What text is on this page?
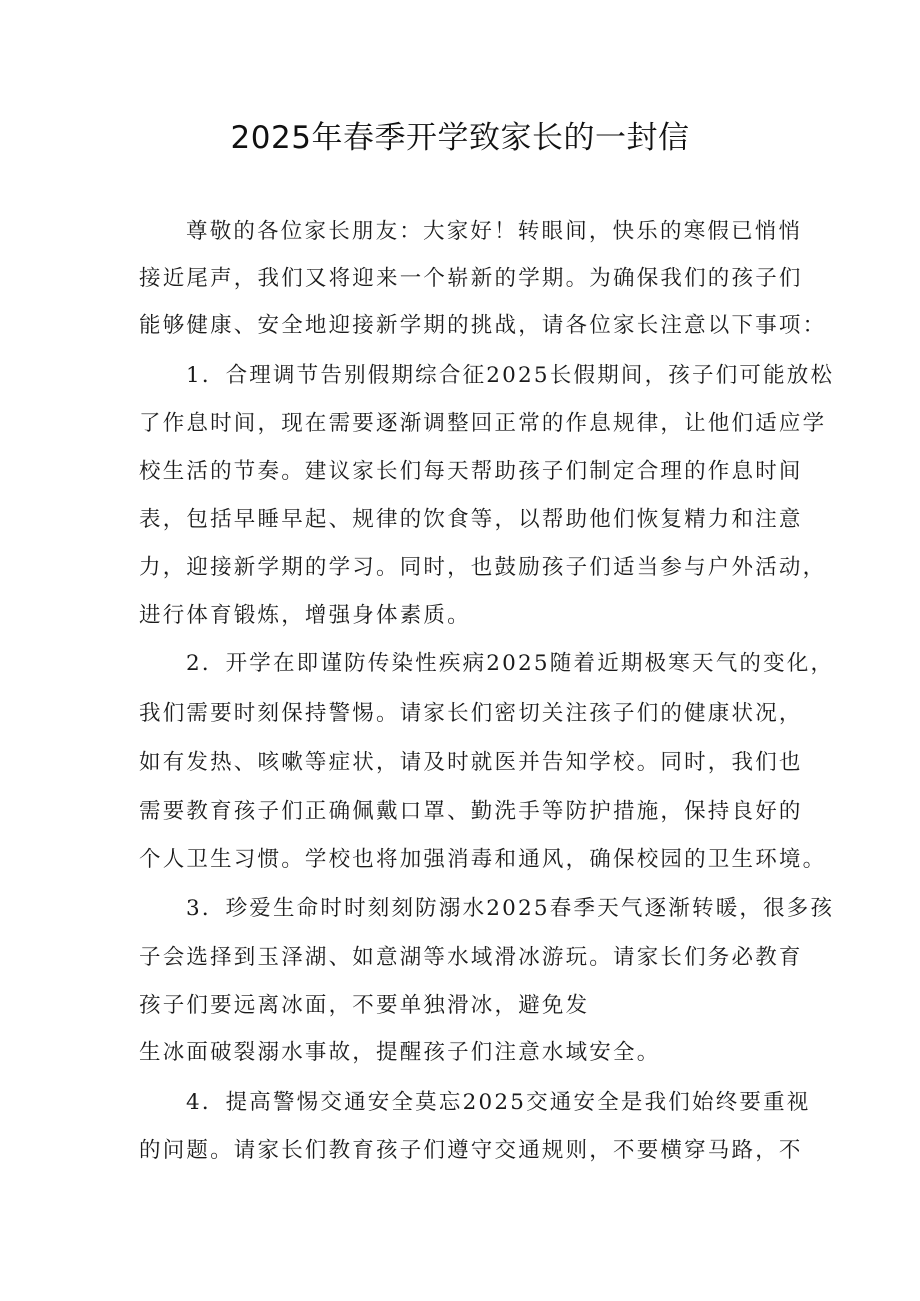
2025年春季开学致家长的一封信
尊敬的各位家长朋友：大家好！转眼间，快乐的寒假已悄悄
接近尾声，我们又将迎来一个崭新的学期。为确保我们的孩子们
能够健康、安全地迎接新学期的挑战，请各位家长注意以下事项：
1．合理调节告别假期综合征2025长假期间，孩子们可能放松
了作息时间，现在需要逐渐调整回正常的作息规律，让他们适应学
校生活的节奏。建议家长们每天帮助孩子们制定合理的作息时间
表，包括早睡早起、规律的饮食等，以帮助他们恢复精力和注意
力，迎接新学期的学习。同时，也鼓励孩子们适当参与户外活动，
进行体育锻炼，增强身体素质。
2．开学在即谨防传染性疾病2025随着近期极寒天气的变化，
我们需要时刻保持警惕。请家长们密切关注孩子们的健康状况，
如有发热、咳嗽等症状，请及时就医并告知学校。同时，我们也
需要教育孩子们正确佩戴口罩、勤洗手等防护措施，保持良好的
个人卫生习惯。学校也将加强消毒和通风，确保校园的卫生环境。
3．珍爱生命时时刻刻防溺水2025春季天气逐渐转暖，很多孩
子会选择到玉泽湖、如意湖等水域滑冰游玩。请家长们务必教育
孩子们要远离冰面，不要单独滑冰，避免发
生冰面破裂溺水事故，提醒孩子们注意水域安全。
4．提高警惕交通安全莫忘2025交通安全是我们始终要重视
的问题。请家长们教育孩子们遵守交通规则，不要横穿马路，不
